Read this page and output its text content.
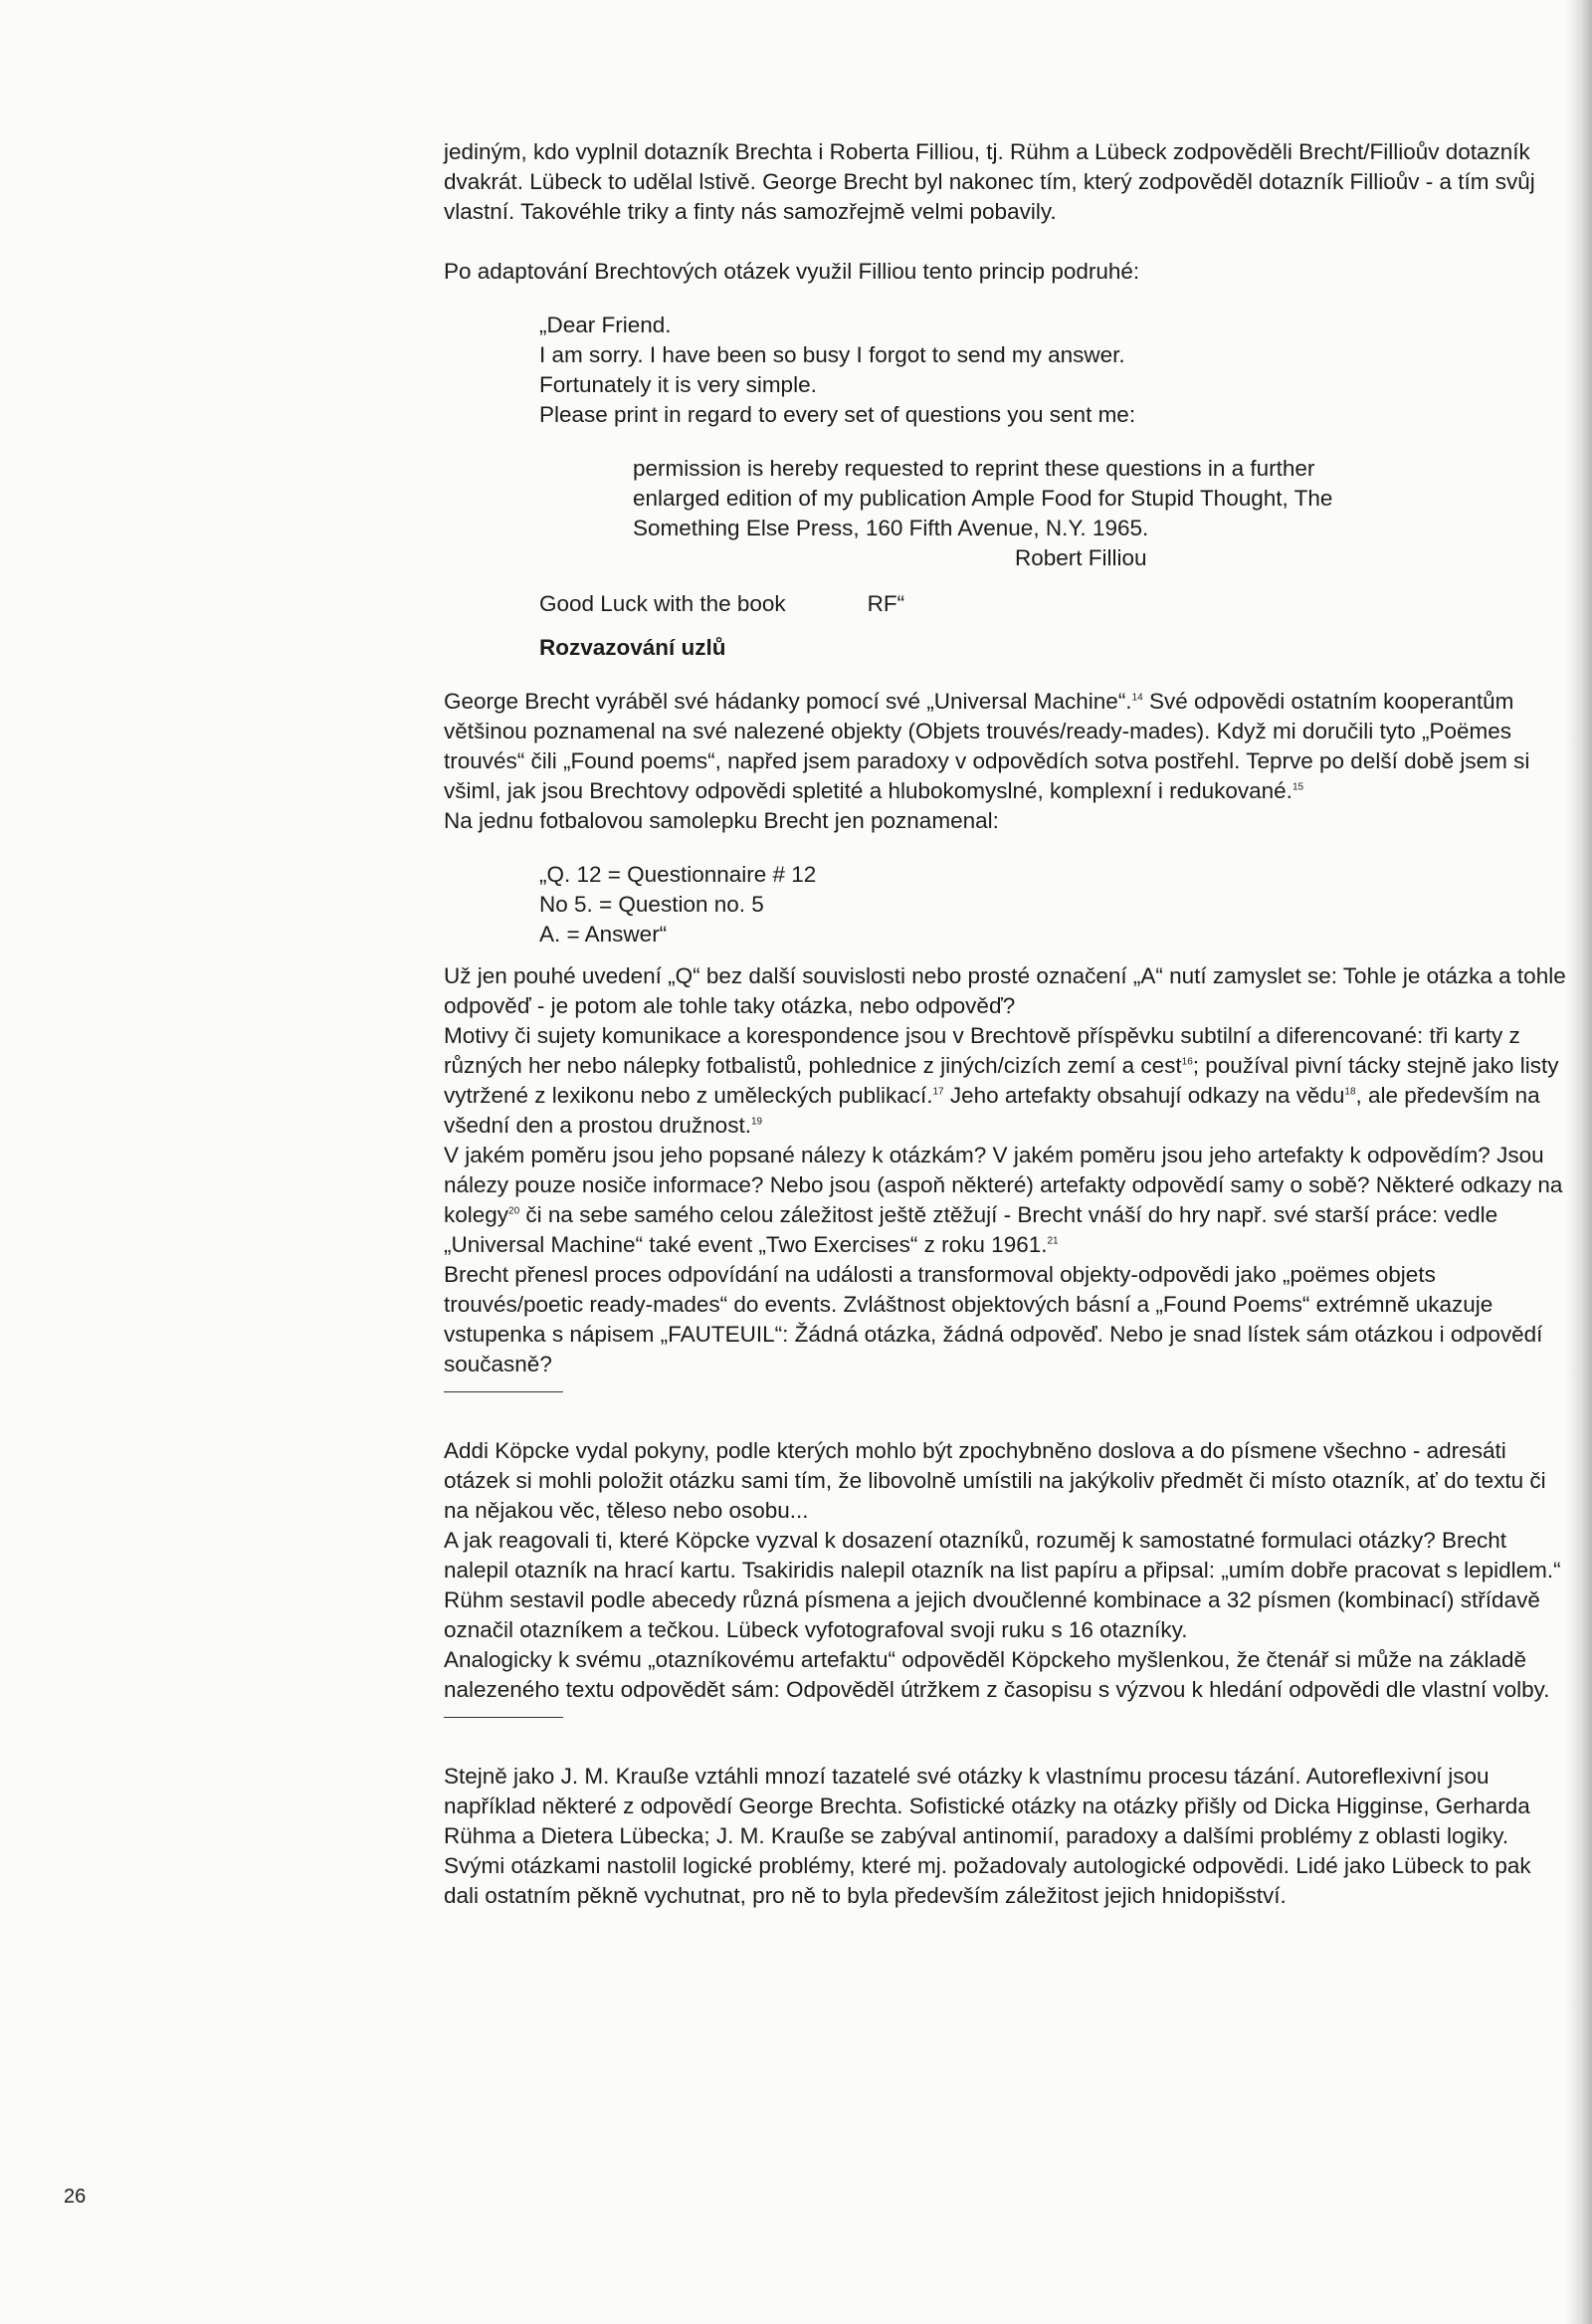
jediným, kdo vyplnil dotazník Brechta i Roberta Filliou, tj. Rühm a Lübeck zodpověděli Brecht/Fillioův dotazník dvakrát. Lübeck to udělal lstivě. George Brecht byl nakonec tím, který zodpověděl dotazník Fillioův - a tím svůj vlastní. Takovéhle triky a finty nás samozřejmě velmi pobavily.

Po adaptování Brechtových otázek využil Filliou tento princip podruhé:

„Dear Friend.

I am sorry. I have been so busy I forgot to send my answer.

Fortunately it is very simple.

Please print in regard to every set of questions you sent me:

permission is hereby requested to reprint these questions in a further enlarged edition of my publication Ample Food for Stupid Thought, The Something Else Press, 160 Fifth Avenue, N.Y. 1965.

Robert Filliou

Good Luck with the book	RF“

Rozvazování uzlů

George Brecht vyráběl své hádanky pomocí své „Universal Machine“.$^{14}$ Své odpovědi ostatním kooperantům většinou poznamenal na své nalezené objekty (Objets trouvés/ready-mades). Když mi doručili tyto „Poëmes trouvés“ čili „Found poems“, napřed jsem paradoxy v odpovědích sotva postřehl. Teprve po delší době jsem si všiml, jak jsou Brechtovy odpovědi spletité a hlubokomyslné, komplexní i redukované.$^{15}$

Na jednu fotbalovou samolepku Brecht jen poznamenal:

„Q. 12 = Questionnaire # 12

No 5. = Question no. 5

A. = Answer“

Už jen pouhé uvedení „Q“ bez další souvislosti nebo prosté označení „A“ nutí zamyslet se: Tohle je otázka a tohle odpověď - je potom ale tohle taky otázka, nebo odpověď?

Motivy či sujety komunikace a korespondence jsou v Brechtově příspěvku subtilní a diferencované: tři karty z různých her nebo nálepky fotbalistů, pohlednice z jiných/cizích zemí a cest$^{16}$; používal pivní tácky stejně jako listy vytržené z lexikonu nebo z uměleckých publikací.$^{17}$ Jeho artefakty obsahují odkazy na vědu$^{18}$, ale především na všední den a prostou družnost.$^{19}$

V jakém poměru jsou jeho popsané nálezy k otázkám? V jakém poměru jsou jeho artefakty k odpovědím? Jsou nálezy pouze nosiče informace? Nebo jsou (aspoň některé) artefakty odpovědí samy o sobě? Některé odkazy na kolegy$^{20}$ či na sebe samého celou záležitost ještě ztěžují - Brecht vnáší do hry např. své starší práce: vedle „Universal Machine“ také event „Two Exercises“ z roku 1961.21

Brecht přenesl proces odpovídání na události a transformoval objekty-odpovědi jako „poëmes objets trouvés/poetic ready-mades“ do events. Zvláštnost objektových básní a „Found Poems“ extrémně ukazuje vstupenka s nápisem „FAUTEUIL“: Žádná otázka, žádná odpověď. Nebo je snad lístek sám otázkou i odpovědí současně?

Addi Köpcke vydal pokyny, podle kterých mohlo být zpochybněno doslova a do písmene všechno - adresáti otázek si mohli položit otázku sami tím, že libovolně umístili na jakýkoliv předmět či místo otazník, ať do textu či na nějakou věc, těleso nebo osobu...

A jak reagovali ti, které Köpcke vyzval k dosazení otazníků, rozuměj k samostatné formulaci otázky? Brecht nalepil otazník na hrací kartu. Tsakiridis nalepil otazník na list papíru a připsal: „umím dobře pracovat s lepidlem.“ Rühm sestavil podle abecedy různá písmena a jejich dvoučlenné kombinace a 32 písmen (kombinací) střídavě označil otazníkem a tečkou. Lübeck vyfotografoval svoji ruku s 16 otazníky.

Analogicky k svému „otazníkovému artefaktu“ odpověděl Köpckeho myšlenkou, že čtenář si může na základě nalezeného textu odpovědět sám: Odpověděl útržkem z časopisu s výzvou k hledání odpovědi dle vlastní volby.

Stejně jako J. M. Krauße vztáhli mnozí tazatelé své otázky k vlastnímu procesu tázání. Autoreflexivní jsou například některé z odpovědí George Brechta. Sofistické otázky na otázky přišly od Dicka Higginse, Gerharda Rühma a Dietera Lübecka; J. M. Krauße se zabýval antinomií, paradoxy a dalšími problémy z oblasti logiky. Svými otázkami nastolil logické problémy, které mj. požadovaly autologické odpovědi. Lidé jako Lübeck to pak dali ostatním pěkně vychutnat, pro ně to byla především záležitost jejich hnidopišství.

26
